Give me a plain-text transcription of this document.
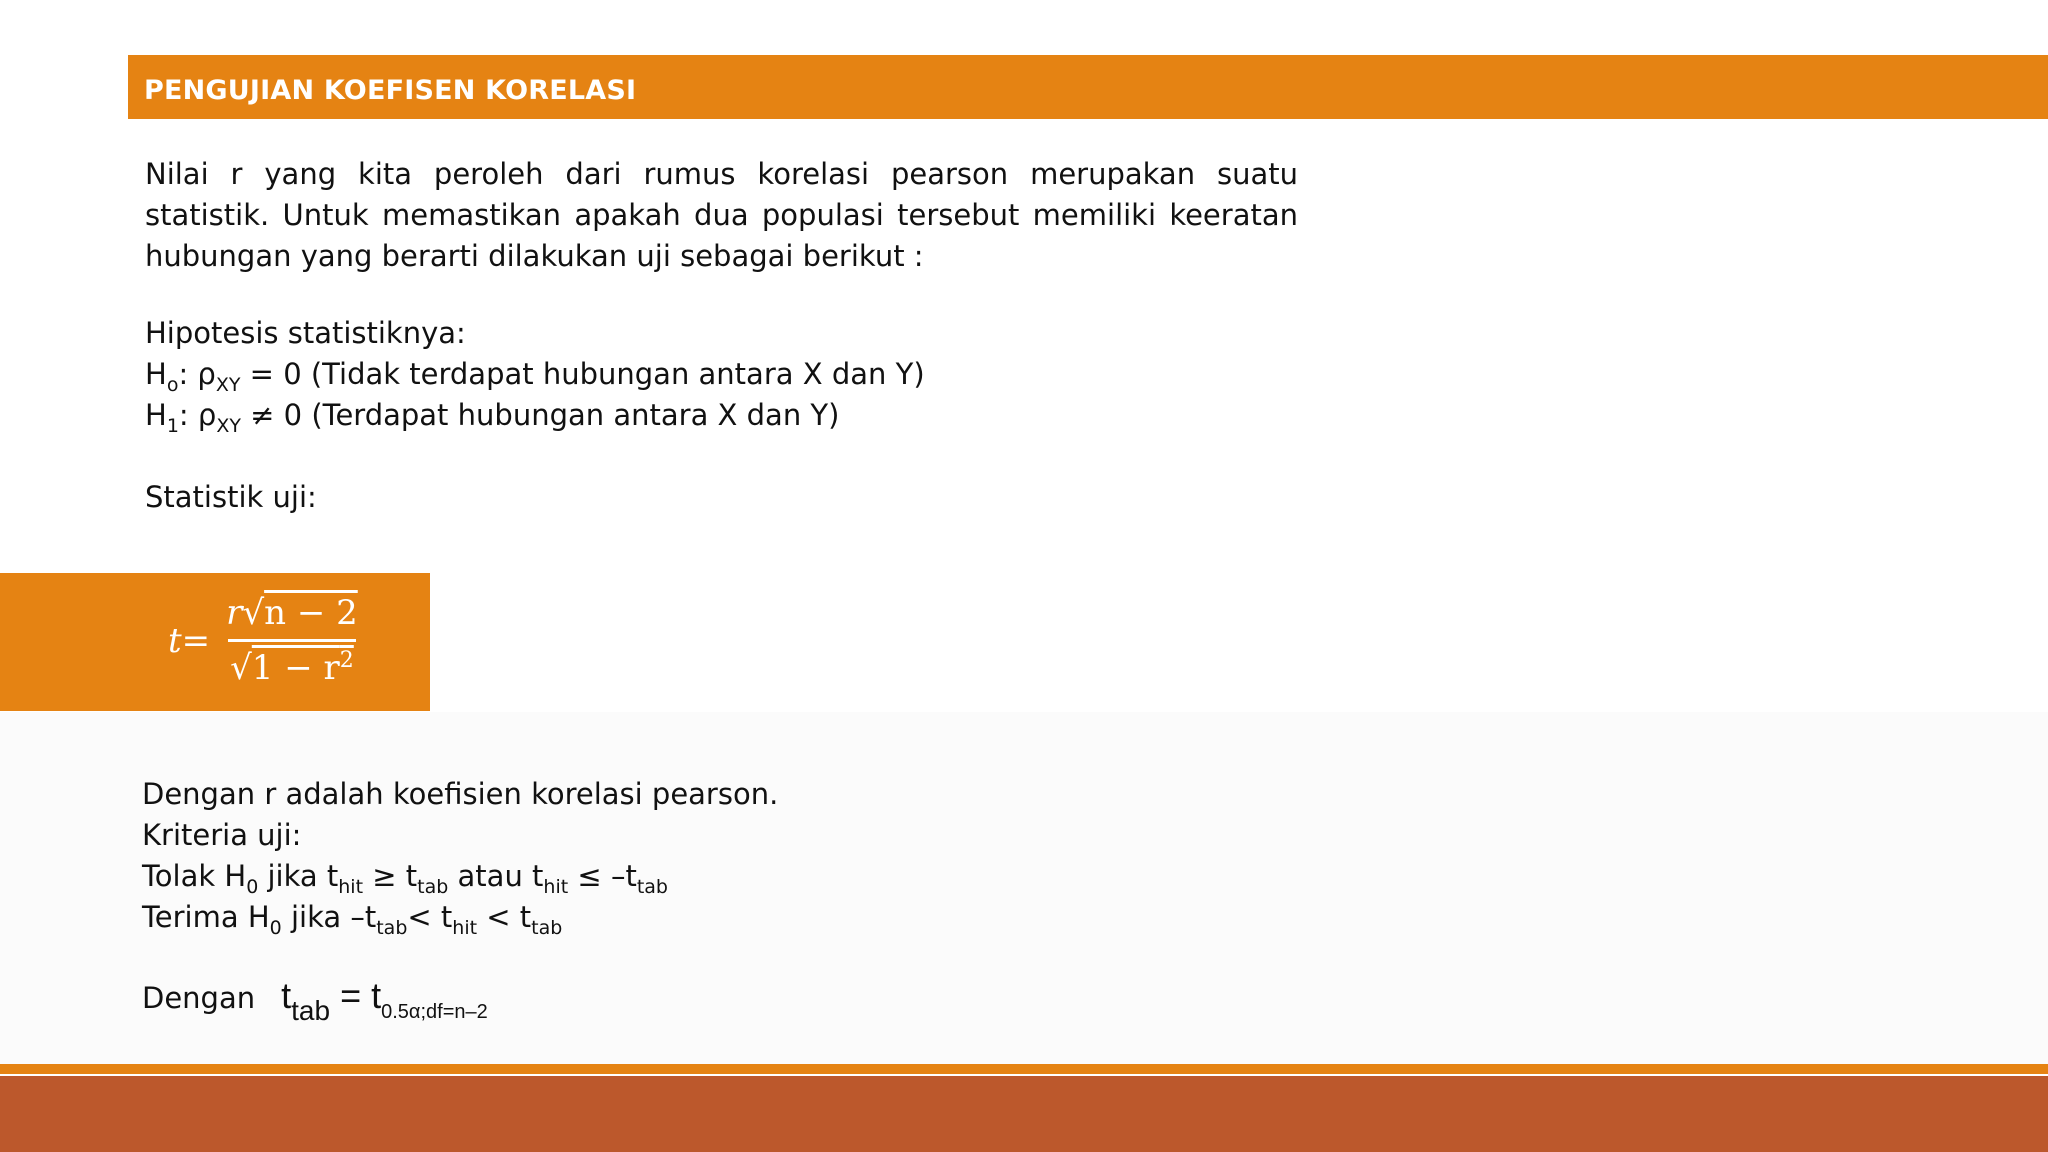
PENGUJIAN KOEFISEN KORELASI

Nilai r yang kita peroleh dari rumus korelasi pearson merupakan suatu statistik. Untuk memastikan apakah dua populasi tersebut memiliki keeratan hubungan yang berarti dilakukan uji sebagai berikut :

Hipotesis statistiknya:
$H_o$: $\rho_{XY} = 0$ (Tidak terdapat hubungan antara X dan Y)
$H_1$: $\rho_{XY} \ne 0$ (Terdapat hubungan antara X dan Y)
Statistik uji:
$t = \frac{r√n - 2}{√1 - r^2}$
Dengan r adalah koefisien korelasi pearson.
Kriteria uji:
Tolak $H_0$ jika $t_{hit} \ge t_{tab}$ atau $t_{hit} \le -t_{tab}$
Terima $H_0$ jika $-t_{tab}< t_{hit} < t_{tab}$
Dengan $t_{tab} = t_{0.5\alpha;df=n-2}$
